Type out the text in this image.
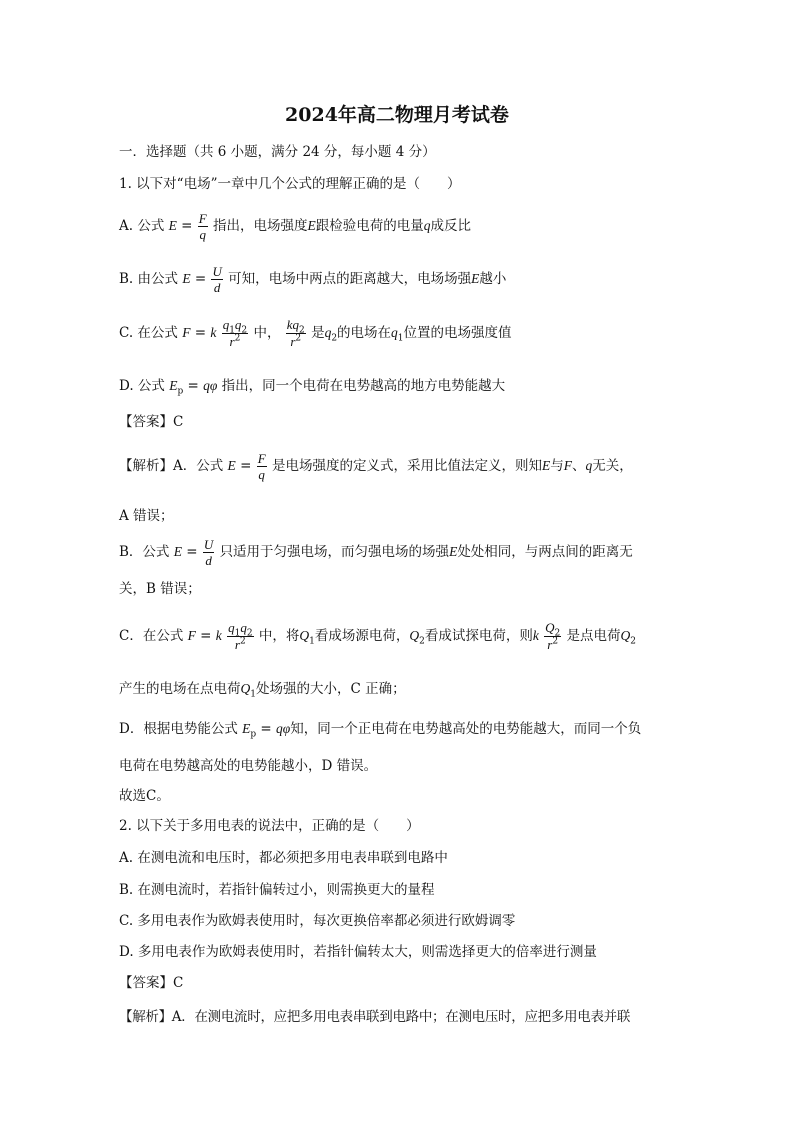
2024年高二物理月考试卷
一．选择题（共 6 小题，满分 24 分，每小题 4 分）
1. 以下对“电场”一章中几个公式的理解正确的是（　　）
A. 公式 $E = \frac{F}{q}$ 指出，电场强度E跟检验电荷的电量q成反比
B. 由公式 $E = \frac{U}{d}$ 可知，电场中两点的距离越大，电场场强E越小
C. 在公式 F = k $\frac{q_1q_2}{r^2}$ 中， $\frac{kq_2}{r^2}$ 是$q_2$的电场在$q_1$位置的电场强度值
D. 公式 $E_p = q\varphi$ 指出，同一个电荷在电势越高的地方电势能越大
【答案】C
【解析】A．公式 $E = \frac{F}{q}$ 是电场强度的定义式，采用比值法定义，则知E与F、q无关，
A 错误；
B．公式 $E = \frac{U}{d}$ 只适用于匀强电场，而匀强电场的场强E处处相同，与两点间的距离无
关，B 错误；
C．在公式 F = k $\frac{q_1q_2}{r^2}$ 中，将$Q_1$看成场源电荷，$Q_2$看成试探电荷，则k $\frac{Q_2}{r^2}$ 是点电荷$Q_2$
产生的电场在点电荷$Q_1$处场强的大小，C 正确；
D．根据电势能公式 $E_p = q\varphi$知，同一个正电荷在电势越高处的电势能越大，而同一个负
电荷在电势越高处的电势能越小，D 错误。
故选C。
2. 以下关于多用电表的说法中，正确的是（　　）
A. 在测电流和电压时，都必须把多用电表串联到电路中
B. 在测电流时，若指针偏转过小，则需换更大的量程
C. 多用电表作为欧姆表使用时，每次更换倍率都必须进行欧姆调零
D. 多用电表作为欧姆表使用时，若指针偏转太大，则需选择更大的倍率进行测量
【答案】C
【解析】A．在测电流时，应把多用电表串联到电路中；在测电压时，应把多用电表并联
